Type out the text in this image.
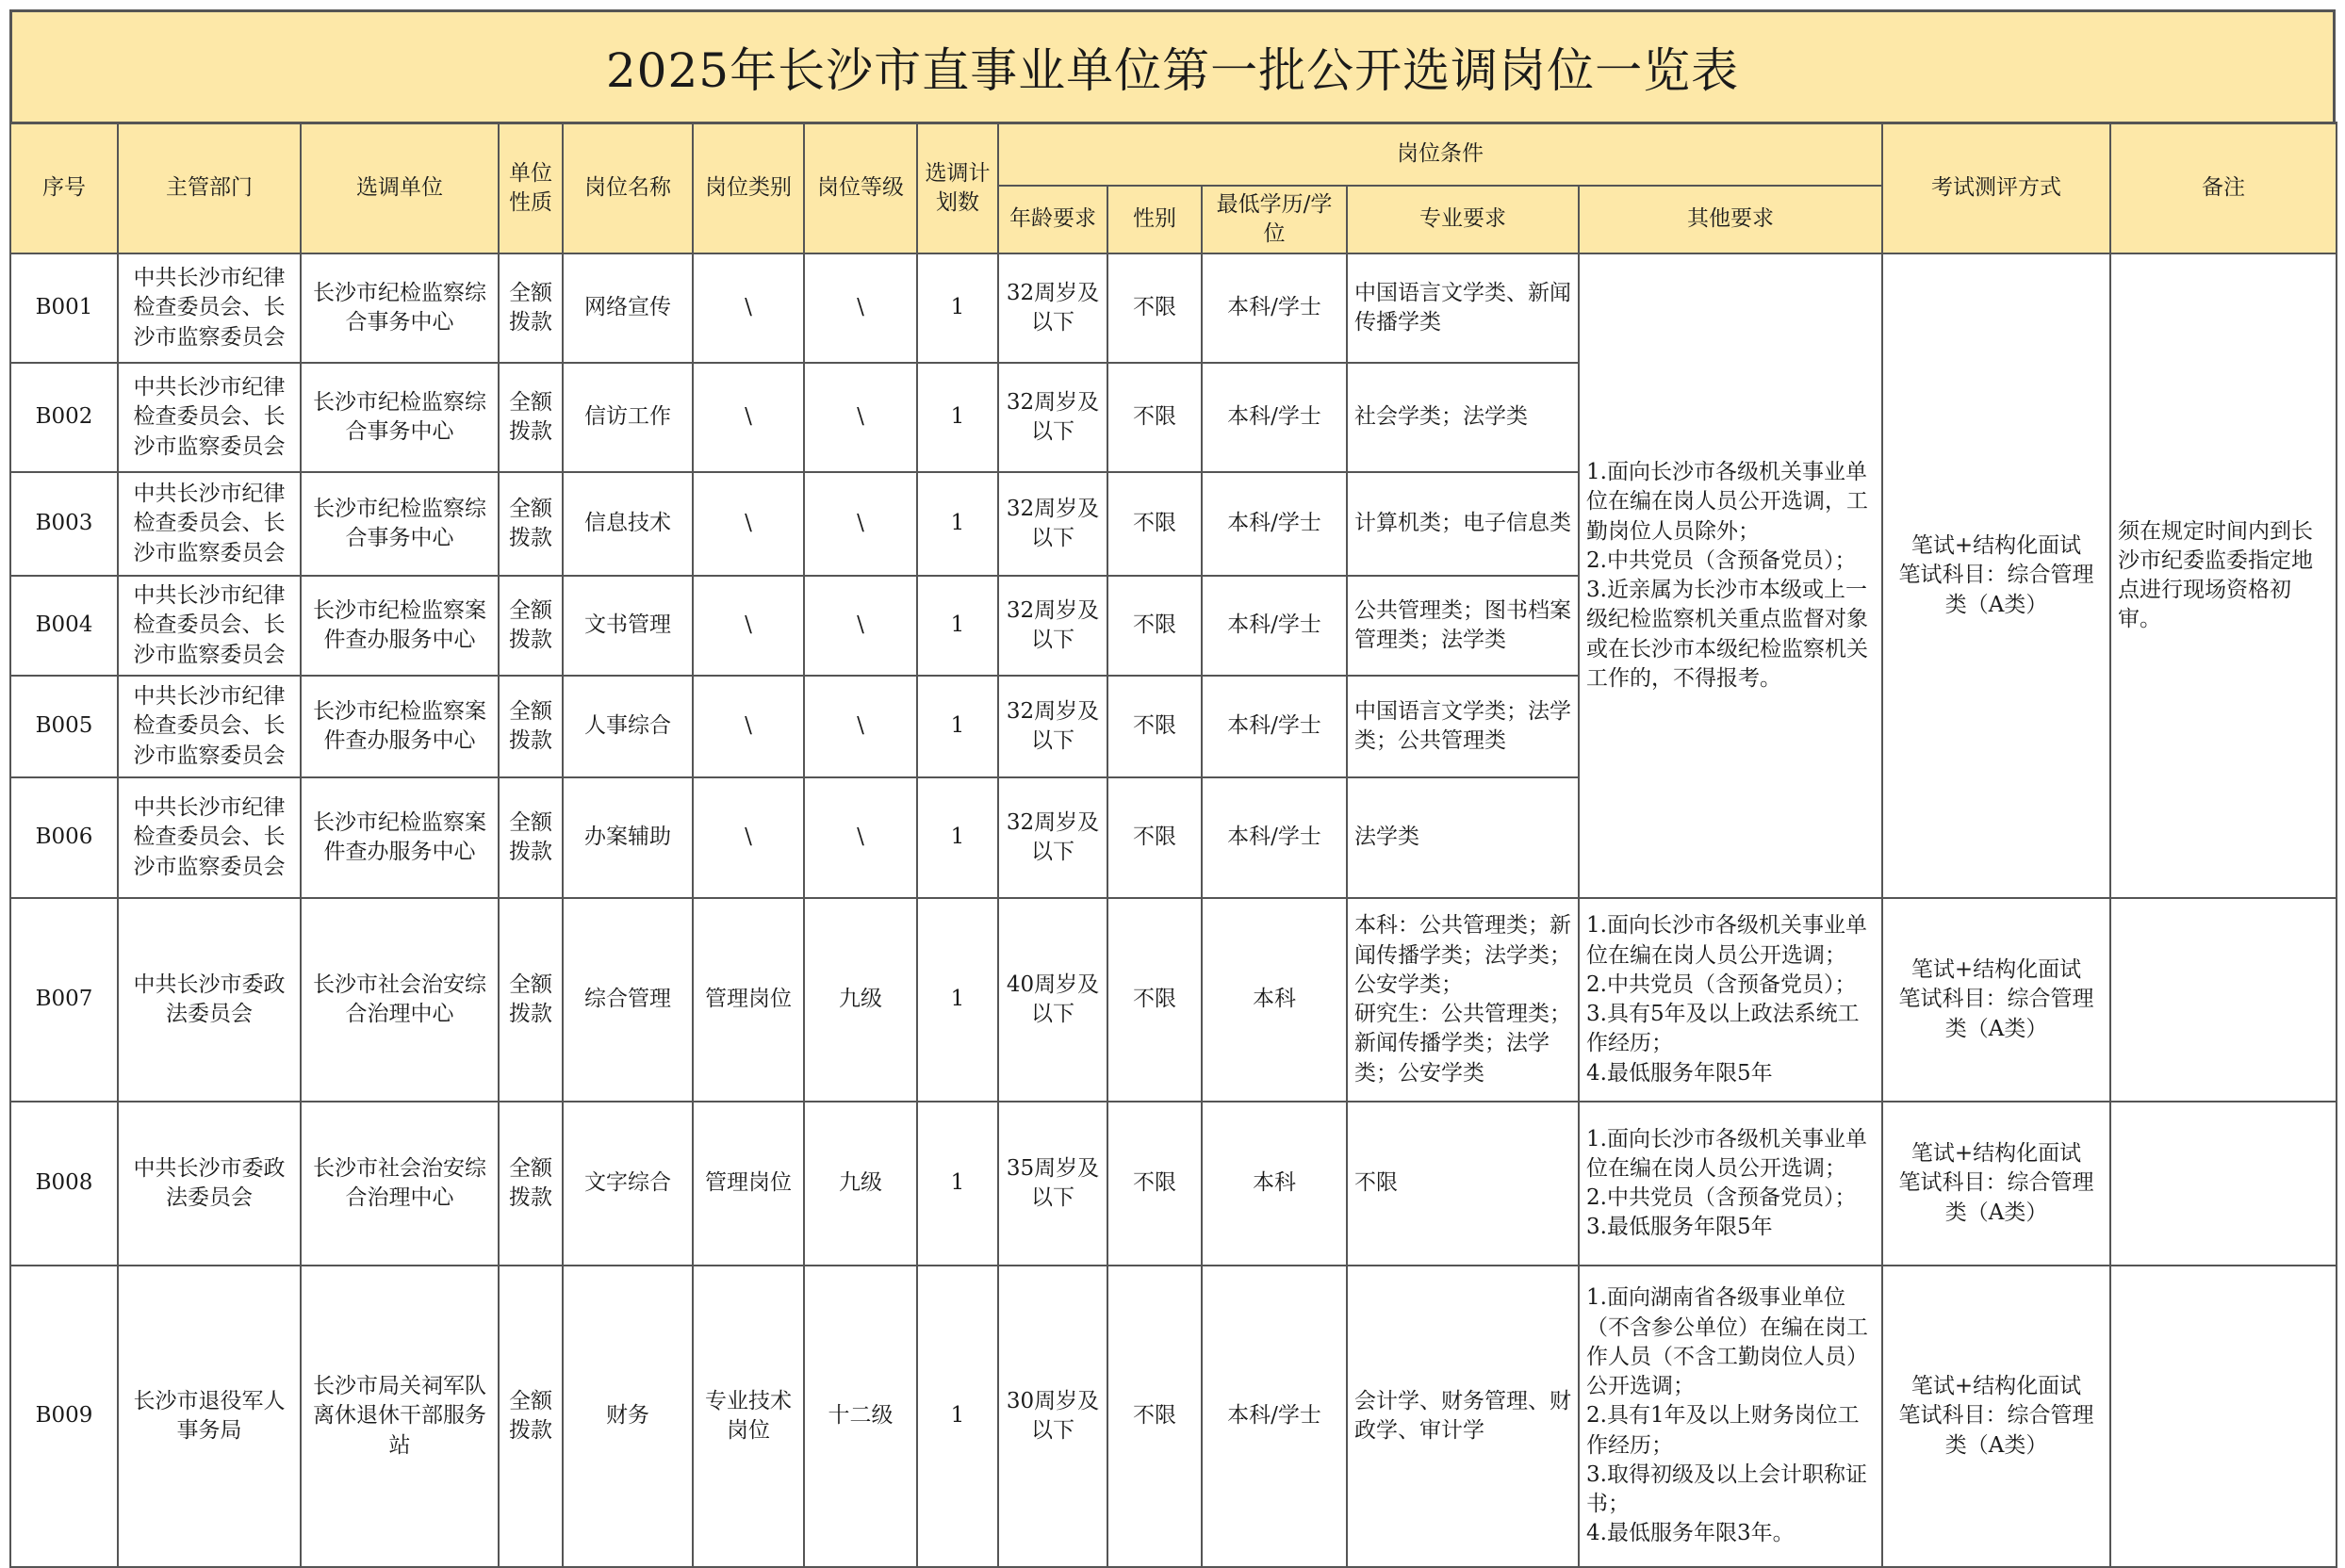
2025年长沙市直事业单位第一批公开选调岗位一览表
序号	主管部门	选调单位	单位性质	岗位名称	岗位类别	岗位等级	选调计划数	岗位条件					考试测评方式	备注
								年龄要求	性别	最低学历/学位	专业要求	其他要求		
B001	中共长沙市纪律检查委员会、长沙市监察委员会	长沙市纪检监察综合事务中心	全额拨款	网络宣传	\	\	1	32周岁及以下	不限	本科/学士	中国语言文学类、新闻传播学类	1.面向长沙市各级机关事业单位在编在岗人员公开选调，工勤岗位人员除外；
2.中共党员（含预备党员）；
3.近亲属为长沙市本级或上一级纪检监察机关重点监督对象或在长沙市本级纪检监察机关工作的，不得报考。	笔试+结构化面试
笔试科目：综合管理类（A类）	须在规定时间内到长沙市纪委监委指定地点进行现场资格初审。
B002	中共长沙市纪律检查委员会、长沙市监察委员会	长沙市纪检监察综合事务中心	全额拨款	信访工作	\	\	1	32周岁及以下	不限	本科/学士	社会学类；法学类			
B003	中共长沙市纪律检查委员会、长沙市监察委员会	长沙市纪检监察综合事务中心	全额拨款	信息技术	\	\	1	32周岁及以下	不限	本科/学士	计算机类；电子信息类			
B004	中共长沙市纪律检查委员会、长沙市监察委员会	长沙市纪检监察案件查办服务中心	全额拨款	文书管理	\	\	1	32周岁及以下	不限	本科/学士	公共管理类；图书档案管理类；法学类			
B005	中共长沙市纪律检查委员会、长沙市监察委员会	长沙市纪检监察案件查办服务中心	全额拨款	人事综合	\	\	1	32周岁及以下	不限	本科/学士	中国语言文学类；法学类；公共管理类			
B006	中共长沙市纪律检查委员会、长沙市监察委员会	长沙市纪检监察案件查办服务中心	全额拨款	办案辅助	\	\	1	32周岁及以下	不限	本科/学士	法学类			
B007	中共长沙市委政法委员会	长沙市社会治安综合治理中心	全额拨款	综合管理	管理岗位	九级	1	40周岁及以下	不限	本科	本科：公共管理类；新闻传播学类；法学类；公安学类；
研究生：公共管理类；新闻传播学类；法学类；公安学类	1.面向长沙市各级机关事业单位在编在岗人员公开选调；
2.中共党员（含预备党员）；
3.具有5年及以上政法系统工作经历；
4.最低服务年限5年	笔试+结构化面试
笔试科目：综合管理类（A类）	
B008	中共长沙市委政法委员会	长沙市社会治安综合治理中心	全额拨款	文字综合	管理岗位	九级	1	35周岁及以下	不限	本科	不限	1.面向长沙市各级机关事业单位在编在岗人员公开选调；
2.中共党员（含预备党员）；
3.最低服务年限5年	笔试+结构化面试
笔试科目：综合管理类（A类）	
B009	长沙市退役军人事务局	长沙市局关祠军队离休退休干部服务站	全额拨款	财务	专业技术岗位	十二级	1	30周岁及以下	不限	本科/学士	会计学、财务管理、财政学、审计学	1.面向湖南省各级事业单位（不含参公单位）在编在岗工作人员（不含工勤岗位人员）公开选调；
2.具有1年及以上财务岗位工作经历；
3.取得初级及以上会计职称证书；
4.最低服务年限3年。	笔试+结构化面试
笔试科目：综合管理类（A类）	
